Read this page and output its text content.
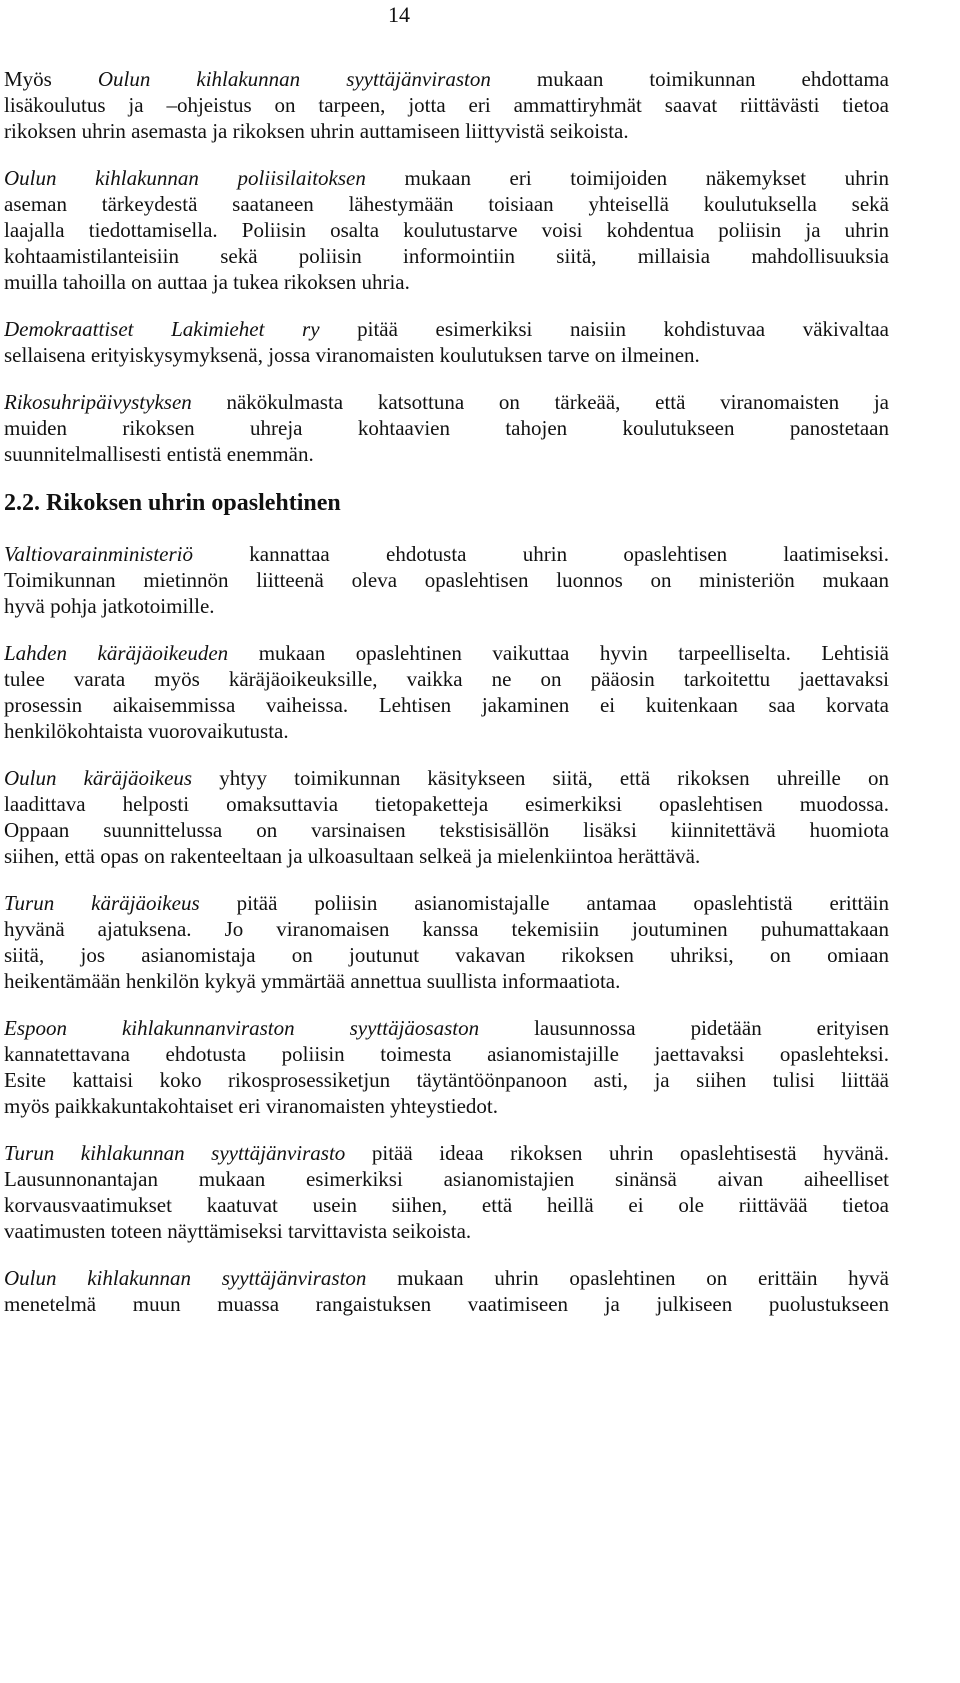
14
Myös Oulun kihlakunnan syyttäjänviraston mukaan toimikunnan ehdottama
lisäkoulutus ja –ohjeistus on tarpeen, jotta eri ammattiryhmät saavat riittävästi tietoa
rikoksen uhrin asemasta ja rikoksen uhrin auttamiseen liittyvistä seikoista.
Oulun kihlakunnan poliisilaitoksen mukaan eri toimijoiden näkemykset uhrin
aseman tärkeydestä saataneen lähestymään toisiaan yhteisellä koulutuksella sekä
laajalla tiedottamisella. Poliisin osalta koulutustarve voisi kohdentua poliisin ja uhrin
kohtaamistilanteisiin sekä poliisin informointiin siitä, millaisia mahdollisuuksia
muilla tahoilla on auttaa ja tukea rikoksen uhria.
Demokraattiset Lakimiehet ry pitää esimerkiksi naisiin kohdistuvaa väkivaltaa
sellaisena erityiskysymyksenä, jossa viranomaisten koulutuksen tarve on ilmeinen.
Rikosuhripäivystyksen näkökulmasta katsottuna on tärkeää, että viranomaisten ja
muiden rikoksen uhreja kohtaavien tahojen koulutukseen panostetaan
suunnitelmallisesti entistä enemmän.
2.2. Rikoksen uhrin opaslehtinen
Valtiovarainministeriö kannattaa ehdotusta uhrin opaslehtisen laatimiseksi.
Toimikunnan mietinnön liitteenä oleva opaslehtisen luonnos on ministeriön mukaan
hyvä pohja jatkotoimille.
Lahden käräjäoikeuden mukaan opaslehtinen vaikuttaa hyvin tarpeelliselta. Lehtisiä
tulee varata myös käräjäoikeuksille, vaikka ne on pääosin tarkoitettu jaettavaksi
prosessin aikaisemmissa vaiheissa. Lehtisen jakaminen ei kuitenkaan saa korvata
henkilökohtaista vuorovaikutusta.
Oulun käräjäoikeus yhtyy toimikunnan käsitykseen siitä, että rikoksen uhreille on
laadittava helposti omaksuttavia tietopaketteja esimerkiksi opaslehtisen muodossa.
Oppaan suunnittelussa on varsinaisen tekstisisällön lisäksi kiinnitettävä huomiota
siihen, että opas on rakenteeltaan ja ulkoasultaan selkeä ja mielenkiintoa herättävä.
Turun käräjäoikeus pitää poliisin asianomistajalle antamaa opaslehtistä erittäin
hyvänä ajatuksena. Jo viranomaisen kanssa tekemisiin joutuminen puhumattakaan
siitä, jos asianomistaja on joutunut vakavan rikoksen uhriksi, on omiaan
heikentämään henkilön kykyä ymmärtää annettua suullista informaatiota.
Espoon kihlakunnanviraston syyttäjäosaston lausunnossa pidetään erityisen
kannatettavana ehdotusta poliisin toimesta asianomistajille jaettavaksi opaslehteksi.
Esite kattaisi koko rikosprosessiketjun täytäntöönpanoon asti, ja siihen tulisi liittää
myös paikkakuntakohtaiset eri viranomaisten yhteystiedot.
Turun kihlakunnan syyttäjänvirasto pitää ideaa rikoksen uhrin opaslehtisestä hyvänä.
Lausunnonantajan mukaan esimerkiksi asianomistajien sinänsä aivan aiheelliset
korvausvaatimukset kaatuvat usein siihen, että heillä ei ole riittävää tietoa
vaatimusten toteen näyttämiseksi tarvittavista seikoista.
Oulun kihlakunnan syyttäjänviraston mukaan uhrin opaslehtinen on erittäin hyvä
menetelmä muun muassa rangaistuksen vaatimiseen ja julkiseen puolustukseen
